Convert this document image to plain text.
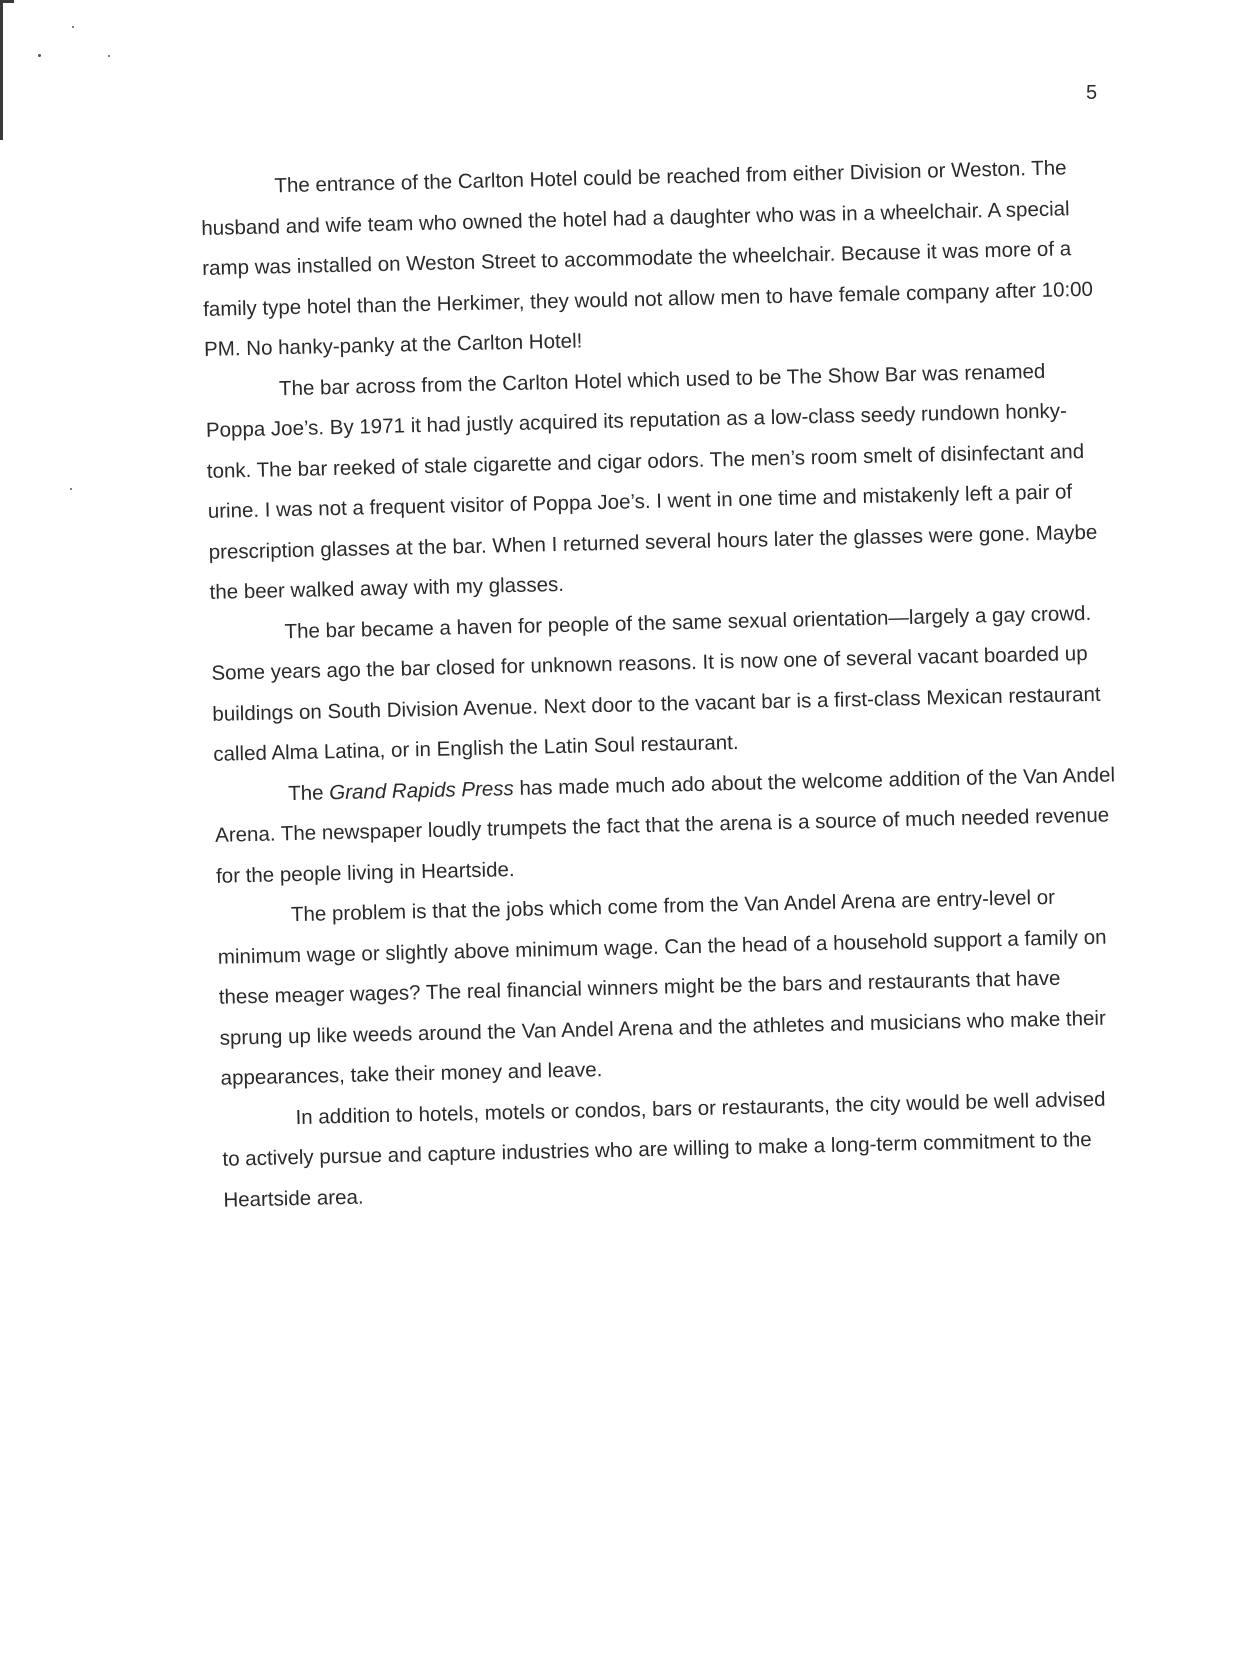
5

The entrance of the Carlton Hotel could be reached from either Division or Weston. The husband and wife team who owned the hotel had a daughter who was in a wheelchair. A special ramp was installed on Weston Street to accommodate the wheelchair. Because it was more of a family type hotel than the Herkimer, they would not allow men to have female company after 10:00 PM. No hanky-panky at the Carlton Hotel!

The bar across from the Carlton Hotel which used to be The Show Bar was renamed Poppa Joe’s. By 1971 it had justly acquired its reputation as a low-class seedy rundown honky-tonk. The bar reeked of stale cigarette and cigar odors. The men’s room smelt of disinfectant and urine. I was not a frequent visitor of Poppa Joe’s. I went in one time and mistakenly left a pair of prescription glasses at the bar. When I returned several hours later the glasses were gone. Maybe the beer walked away with my glasses.

The bar became a haven for people of the same sexual orientation—largely a gay crowd. Some years ago the bar closed for unknown reasons. It is now one of several vacant boarded up buildings on South Division Avenue. Next door to the vacant bar is a first-class Mexican restaurant called Alma Latina, or in English the Latin Soul restaurant.

The Grand Rapids Press has made much ado about the welcome addition of the Van Andel Arena. The newspaper loudly trumpets the fact that the arena is a source of much needed revenue for the people living in Heartside.

The problem is that the jobs which come from the Van Andel Arena are entry-level or minimum wage or slightly above minimum wage. Can the head of a household support a family on these meager wages? The real financial winners might be the bars and restaurants that have sprung up like weeds around the Van Andel Arena and the athletes and musicians who make their appearances, take their money and leave.

In addition to hotels, motels or condos, bars or restaurants, the city would be well advised to actively pursue and capture industries who are willing to make a long-term commitment to the Heartside area.
